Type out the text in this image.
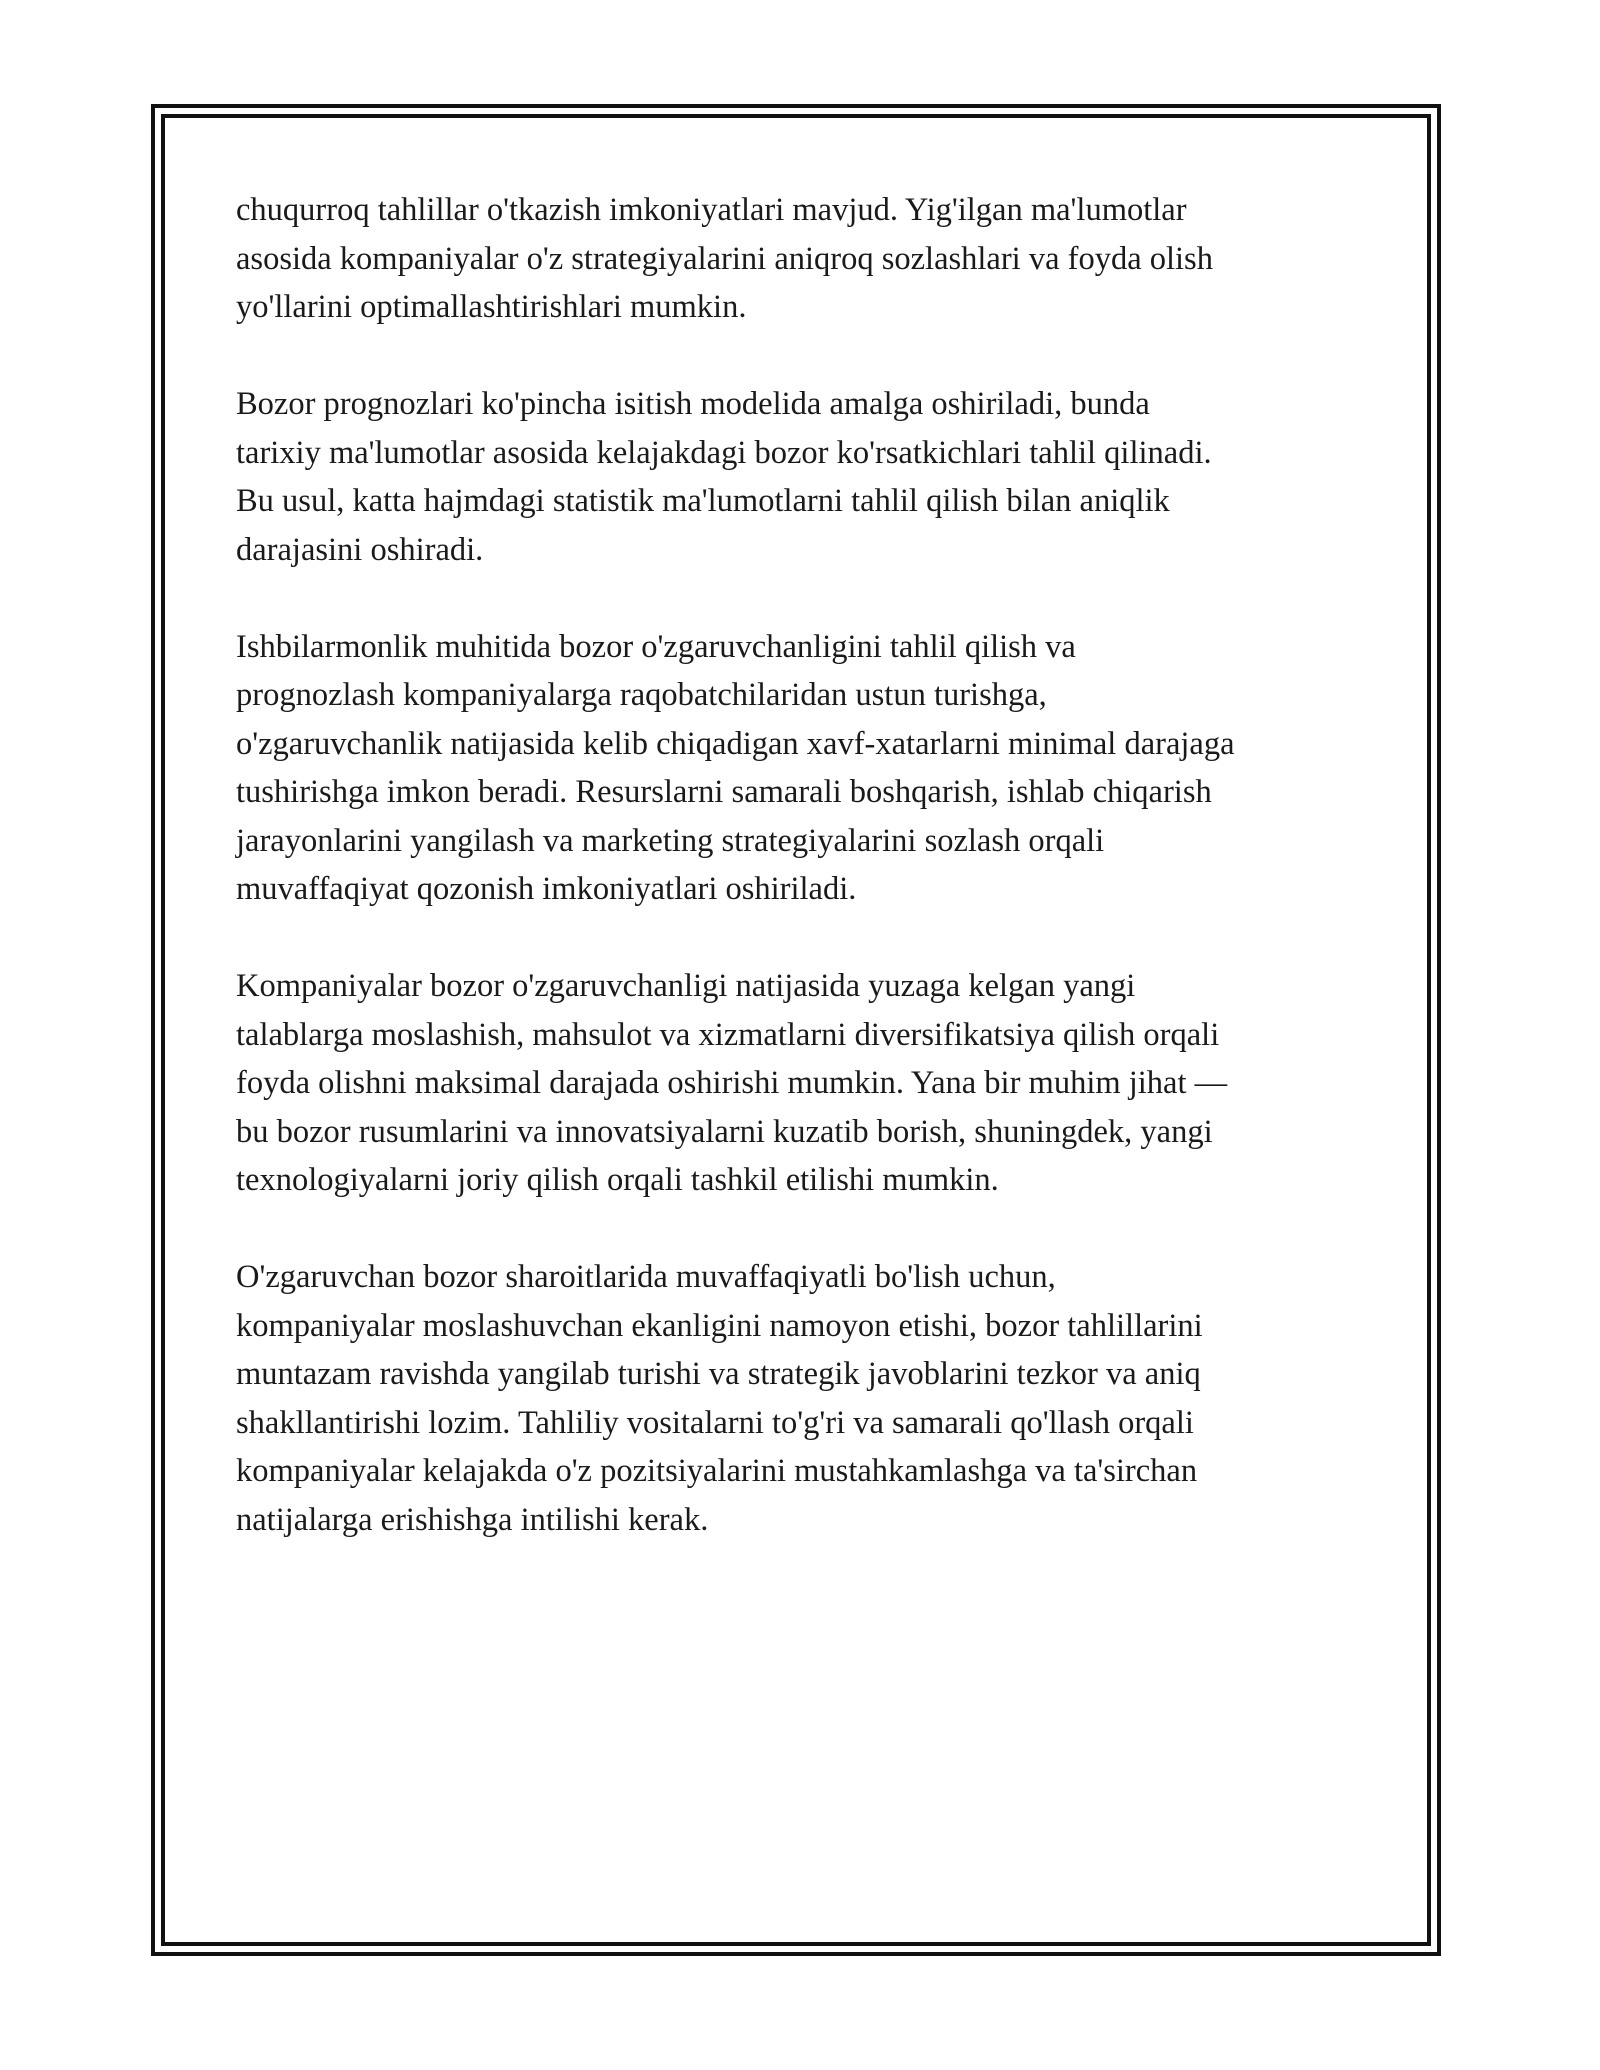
chuqurroq tahlillar o'tkazish imkoniyatlari mavjud. Yig'ilgan ma'lumotlar
asosida kompaniyalar o'z strategiyalarini aniqroq sozlashlari va foyda olish
yo'llarini optimallashtirishlari mumkin.

Bozor prognozlari ko'pincha isitish modelida amalga oshiriladi, bunda
tarixiy ma'lumotlar asosida kelajakdagi bozor ko'rsatkichlari tahlil qilinadi.
Bu usul, katta hajmdagi statistik ma'lumotlarni tahlil qilish bilan aniqlik
darajasini oshiradi.

Ishbilarmonlik muhitida bozor o'zgaruvchanligini tahlil qilish va
prognozlash kompaniyalarga raqobatchilaridan ustun turishga,
o'zgaruvchanlik natijasida kelib chiqadigan xavf-xatarlarni minimal darajaga
tushirishga imkon beradi. Resurslarni samarali boshqarish, ishlab chiqarish
jarayonlarini yangilash va marketing strategiyalarini sozlash orqali
muvaffaqiyat qozonish imkoniyatlari oshiriladi.

Kompaniyalar bozor o'zgaruvchanligi natijasida yuzaga kelgan yangi
talablarga moslashish, mahsulot va xizmatlarni diversifikatsiya qilish orqali
foyda olishni maksimal darajada oshirishi mumkin. Yana bir muhim jihat —
bu bozor rusumlarini va innovatsiyalarni kuzatib borish, shuningdek, yangi
texnologiyalarni joriy qilish orqali tashkil etilishi mumkin.

O'zgaruvchan bozor sharoitlarida muvaffaqiyatli bo'lish uchun,
kompaniyalar moslashuvchan ekanligini namoyon etishi, bozor tahlillarini
muntazam ravishda yangilab turishi va strategik javoblarini tezkor va aniq
shakllantirishi lozim. Tahliliy vositalarni to'g'ri va samarali qo'llash orqali
kompaniyalar kelajakda o'z pozitsiyalarini mustahkamlashga va ta'sirchan
natijalarga erishishga intilishi kerak.
